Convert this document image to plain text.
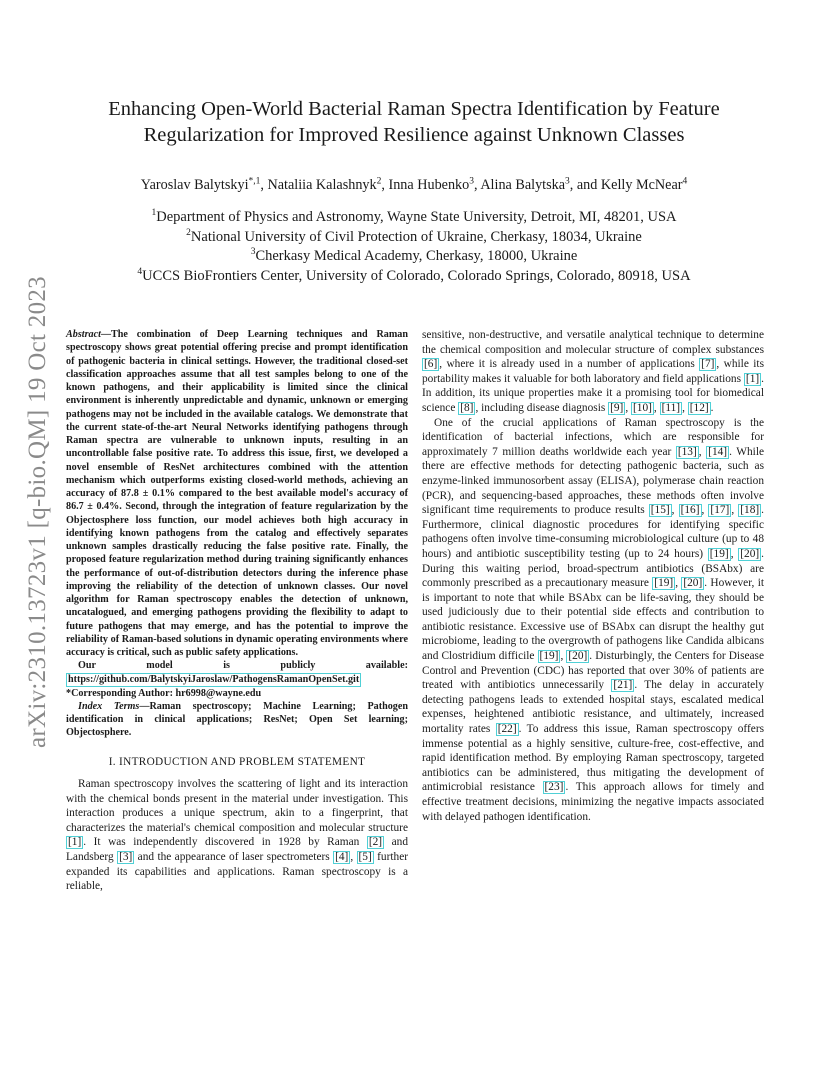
arXiv:2310.13723v1 [q-bio.QM] 19 Oct 2023
Enhancing Open-World Bacterial Raman Spectra Identification by Feature
Regularization for Improved Resilience against Unknown Classes
Yaroslav Balytskyi$^{*,1}$, Nataliia Kalashnyk$^2$, Inna Hubenko$^3$, Alina Balytska$^3$, and Kelly McNear$^4$
$^1$Department of Physics and Astronomy, Wayne State University, Detroit, MI, 48201, USA
$^2$National University of Civil Protection of Ukraine, Cherkasy, 18034, Ukraine
$^3$Cherkasy Medical Academy, Cherkasy, 18000, Ukraine
$^4$UCCS BioFrontiers Center, University of Colorado, Colorado Springs, Colorado, 80918, USA

Abstract—The combination of Deep Learning techniques and Raman spectroscopy shows great potential offering precise and prompt identification of pathogenic bacteria in clinical settings. However, the traditional closed-set classification approaches assume that all test samples belong to one of the known pathogens, and their applicability is limited since the clinical environment is inherently unpredictable and dynamic, unknown or emerging pathogens may not be included in the available catalogs. We demonstrate that the current state-of-the-art Neural Networks identifying pathogens through Raman spectra are vulnerable to unknown inputs, resulting in an uncontrollable false positive rate. To address this issue, first, we developed a novel ensemble of ResNet architectures combined with the attention mechanism which outperforms existing closed-world methods, achieving an accuracy of 87.8 ± 0.1% compared to the best available model's accuracy of 86.7 ± 0.4%. Second, through the integration of feature regularization by the Objectosphere loss function, our model achieves both high accuracy in identifying known pathogens from the catalog and effectively separates unknown samples drastically reducing the false positive rate. Finally, the proposed feature regularization method during training significantly enhances the performance of out-of-distribution detectors during the inference phase improving the reliability of the detection of unknown classes. Our novel algorithm for Raman spectroscopy enables the detection of unknown, uncatalogued, and emerging pathogens providing the flexibility to adapt to future pathogens that may emerge, and has the potential to improve the reliability of Raman-based solutions in dynamic operating environments where accuracy is critical, such as public safety applications.

Our model is publicly available:

https://github.com/BalytskyiJaroslaw/PathogensRamanOpenSet.git

*Corresponding Author: hr6998@wayne.edu

Index Terms—Raman spectroscopy; Machine Learning; Pathogen identification in clinical applications; ResNet; Open Set learning; Objectosphere.

I. INTRODUCTION AND PROBLEM STATEMENT

Raman spectroscopy involves the scattering of light and its interaction with the chemical bonds present in the material under investigation. This interaction produces a unique spectrum, akin to a fingerprint, that characterizes the material's chemical composition and molecular structure [1] . It was independently discovered in 1928 by Raman [2] and Landsberg [3] and the appearance of laser spectrometers [4] , [5] further expanded its capabilities and applications. Raman spectroscopy is a reliable,

sensitive, non-destructive, and versatile analytical technique to determine the chemical composition and molecular structure of complex substances [6] , where it is already used in a number of applications [7] , while its portability makes it valuable for both laboratory and field applications [1] . In addition, its unique properties make it a promising tool for biomedical science [8] , including disease diagnosis [9] , [10] , [11] , [12] .

One of the crucial applications of Raman spectroscopy is the identification of bacterial infections, which are responsible for approximately 7 million deaths worldwide each year [13] , [14] . While there are effective methods for detecting pathogenic bacteria, such as enzyme-linked immunosorbent assay (ELISA), polymerase chain reaction (PCR), and sequencing-based approaches, these methods often involve significant time requirements to produce results [15] , [16] , [17] , [18] . Furthermore, clinical diagnostic procedures for identifying specific pathogens often involve time-consuming microbiological culture (up to 48 hours) and antibiotic susceptibility testing (up to 24 hours) [19] , [20] . During this waiting period, broad-spectrum antibiotics (BSAbx) are commonly prescribed as a precautionary measure [19] , [20] . However, it is important to note that while BSAbx can be life-saving, they should be used judiciously due to their potential side effects and contribution to antibiotic resistance. Excessive use of BSAbx can disrupt the healthy gut microbiome, leading to the overgrowth of pathogens like Candida albicans and Clostridium difficile [19] , [20] . Disturbingly, the Centers for Disease Control and Prevention (CDC) has reported that over 30% of patients are treated with antibiotics unnecessarily [21] . The delay in accurately detecting pathogens leads to extended hospital stays, escalated medical expenses, heightened antibiotic resistance, and ultimately, increased mortality rates [22] . To address this issue, Raman spectroscopy offers immense potential as a highly sensitive, culture-free, cost-effective, and rapid identification method. By employing Raman spectroscopy, targeted antibiotics can be administered, thus mitigating the development of antimicrobial resistance [23] . This approach allows for timely and effective treatment decisions, minimizing the negative impacts associated with delayed pathogen identification.
